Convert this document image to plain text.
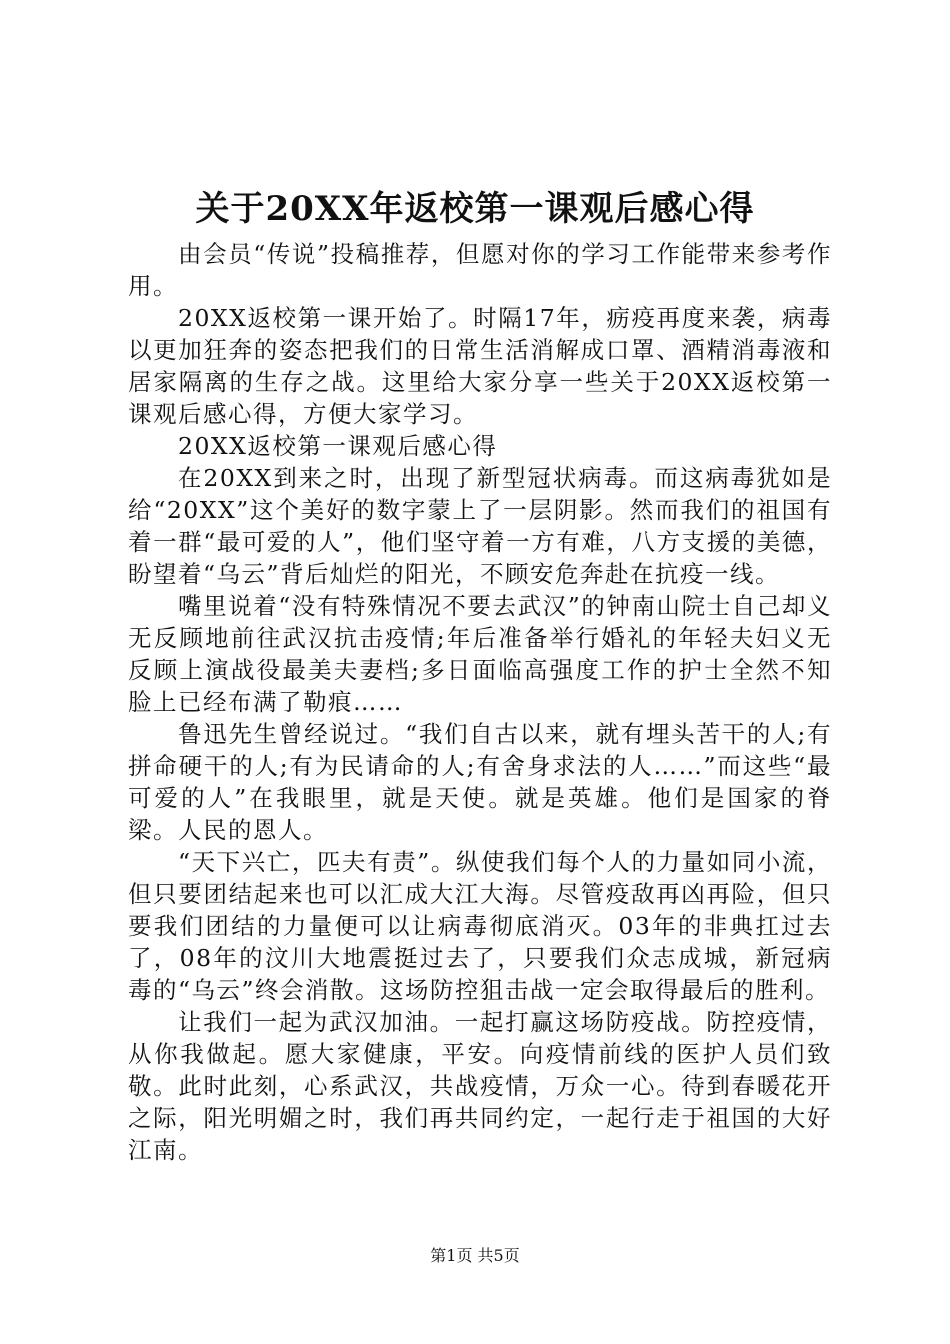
关于20XX年返校第一课观后感心得

由会员“传说”投稿推荐，但愿对你的学习工作能带来参考作用。

20XX返校第一课开始了。时隔17年，疬疫再度来袭，病毒以更加狂奔的姿态把我们的日常生活消解成口罩、酒精消毒液和居家隔离的生存之战。这里给大家分享一些关于20XX返校第一课观后感心得，方便大家学习。

20XX返校第一课观后感心得

在20XX到来之时，出现了新型冠状病毒。而这病毒犹如是给“20XX”这个美好的数字蒙上了一层阴影。然而我们的祖国有着一群“最可爱的人”，他们坚守着一方有难，八方支援的美德，盼望着“乌云”背后灿烂的阳光，不顾安危奔赴在抗疫一线。

嘴里说着“没有特殊情况不要去武汉”的钟南山院士自己却义无反顾地前往武汉抗击疫情;年后准备举行婚礼的年轻夫妇义无反顾上演战役最美夫妻档;多日面临高强度工作的护士全然不知脸上已经布满了勒痕……

鲁迅先生曾经说过。“我们自古以来，就有埋头苦干的人;有拼命硬干的人;有为民请命的人;有舍身求法的人……”而这些“最可爱的人”在我眼里，就是天使。就是英雄。他们是国家的脊梁。人民的恩人。

“天下兴亡，匹夫有责”。纵使我们每个人的力量如同小流，但只要团结起来也可以汇成大江大海。尽管疫敌再凶再险，但只要我们团结的力量便可以让病毒彻底消灭。03年的非典扛过去了，08年的汶川大地震挺过去了，只要我们众志成城，新冠病毒的“乌云”终会消散。这场防控狙击战一定会取得最后的胜利。

让我们一起为武汉加油。一起打赢这场防疫战。防控疫情，从你我做起。愿大家健康，平安。向疫情前线的医护人员们致敬。此时此刻，心系武汉，共战疫情，万众一心。待到春暖花开之际，阳光明媚之时，我们再共同约定，一起行走于祖国的大好江南。

第1页 共5页
